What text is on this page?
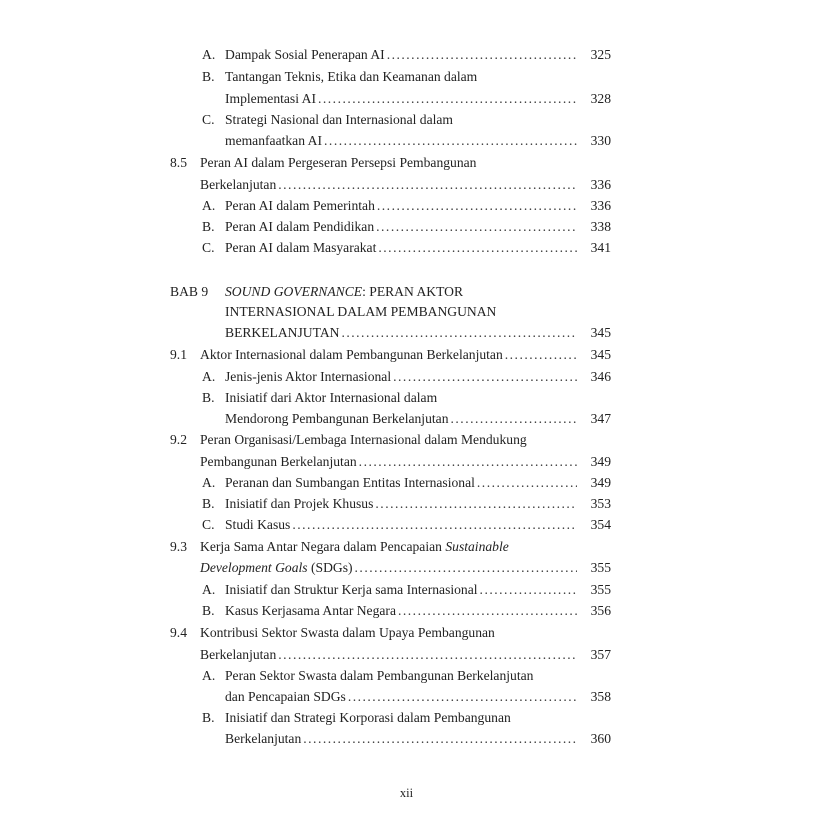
A. Dampak Sosial Penerapan AI .....	325
B. Tantangan Teknis, Etika dan Keamanan dalam
Implementasi AI .....	328
C. Strategi Nasional dan Internasional dalam
memanfaatkan AI .....	330
8.5 Peran AI dalam Pergeseran Persepsi Pembangunan
Berkelanjutan .....	336
A. Peran AI dalam Pemerintah .....	336
B. Peran AI dalam Pendidikan .....	338
C. Peran AI dalam Masyarakat .....	341
BAB 9 SOUND GOVERNANCE: PERAN AKTOR
INTERNASIONAL DALAM PEMBANGUNAN
BERKELANJUTAN .....	345
9.1 Aktor Internasional dalam Pembangunan Berkelanjutan .....	345
A. Jenis-jenis Aktor Internasional .....	346
B. Inisiatif dari Aktor Internasional dalam
Mendorong Pembangunan Berkelanjutan .....	347
9.2 Peran Organisasi/Lembaga Internasional dalam Mendukung
Pembangunan Berkelanjutan .....	349
A. Peranan dan Sumbangan Entitas Internasional .....	349
B. Inisiatif dan Projek Khusus .....	353
C. Studi Kasus .....	354
9.3 Kerja Sama Antar Negara dalam Pencapaian Sustainable
Development Goals (SDGs) .....	355
A. Inisiatif dan Struktur Kerja sama Internasional .....	355
B. Kasus Kerjasama Antar Negara .....	356
9.4 Kontribusi Sektor Swasta dalam Upaya Pembangunan
Berkelanjutan .....	357
A. Peran Sektor Swasta dalam Pembangunan Berkelanjutan
dan Pencapaian SDGs .....	358
B. Inisiatif dan Strategi Korporasi dalam Pembangunan
Berkelanjutan .....	360
xii
